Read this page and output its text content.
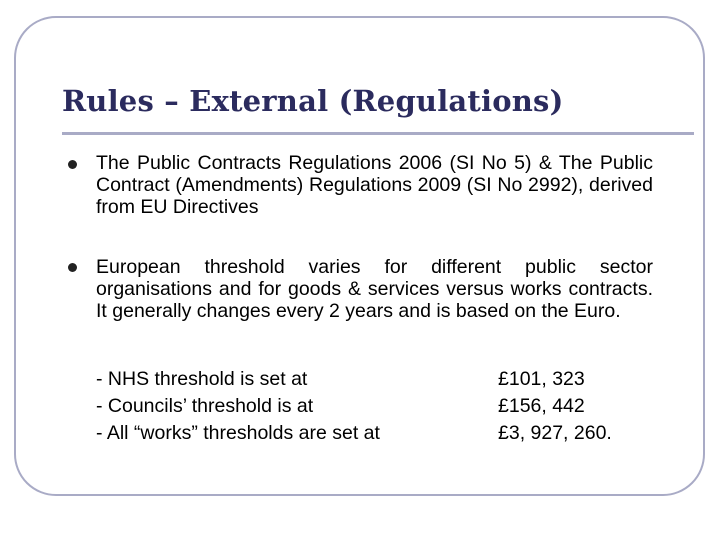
Rules – External (Regulations)

The Public Contracts Regulations 2006 (SI No 5) & The Public Contract (Amendments) Regulations 2009 (SI No 2992), derived from EU Directives

European threshold varies for different public sector organisations and for goods & services versus works contracts. It generally changes every 2 years and is based on the Euro.

- NHS threshold is set at	£101, 323
- Councils’ threshold is at	£156, 442
- All “works” thresholds are set at	£3, 927, 260.
